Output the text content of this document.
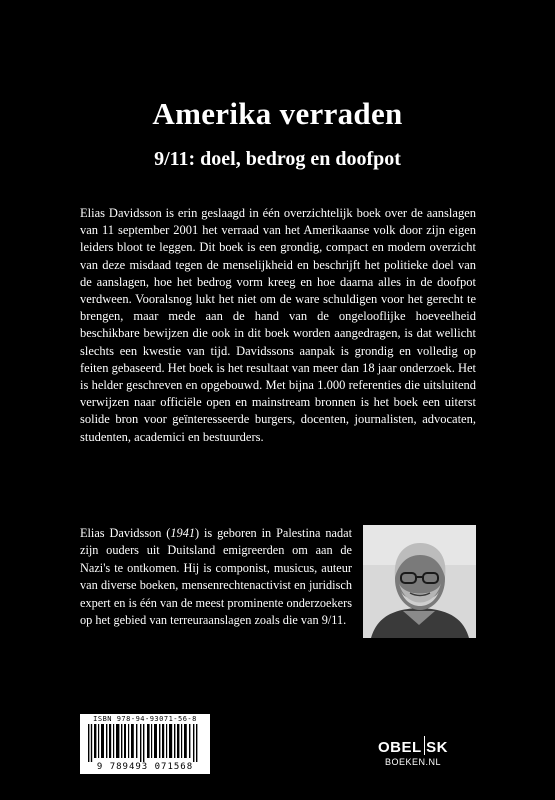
Amerika verraden
9/11: doel, bedrog en doofpot

Elias Davidsson is erin geslaagd in één overzichtelijk boek over de aanslagen van 11 september 2001 het verraad van het Amerikaanse volk door zijn eigen leiders bloot te leggen. Dit boek is een grondig, compact en modern overzicht van deze misdaad tegen de menselijkheid en beschrijft het politieke doel van de aanslagen, hoe het bedrog vorm kreeg en hoe daarna alles in de doofpot verdween. Vooralsnog lukt het niet om de ware schuldigen voor het gerecht te brengen, maar mede aan de hand van de ongelooflijke hoeveelheid beschikbare bewijzen die ook in dit boek worden aangedragen, is dat wellicht slechts een kwestie van tijd. Davidssons aanpak is grondig en volledig op feiten gebaseerd. Het boek is het resultaat van meer dan 18 jaar onderzoek. Het is helder geschreven en opgebouwd. Met bijna 1.000 referenties die uitsluitend verwijzen naar officiële open en mainstream bronnen is het boek een uiterst solide bron voor geïnteresseerde burgers, docenten, journalisten, advocaten, studenten, academici en bestuurders.

Elias Davidsson (1941) is geboren in Palestina nadat zijn ouders uit Duitsland emigreerden om aan de Nazi's te ontkomen. Hij is componist, musicus, auteur van diverse boeken, mensenrechtenactivist en juridisch expert en is één van de meest prominente onderzoekers op het gebied van terreuraanslagen zoals die van 9/11.

ISBN 978-94-93071-56-8
9 789493 071568
OBEL SK
BOEKEN.NL
